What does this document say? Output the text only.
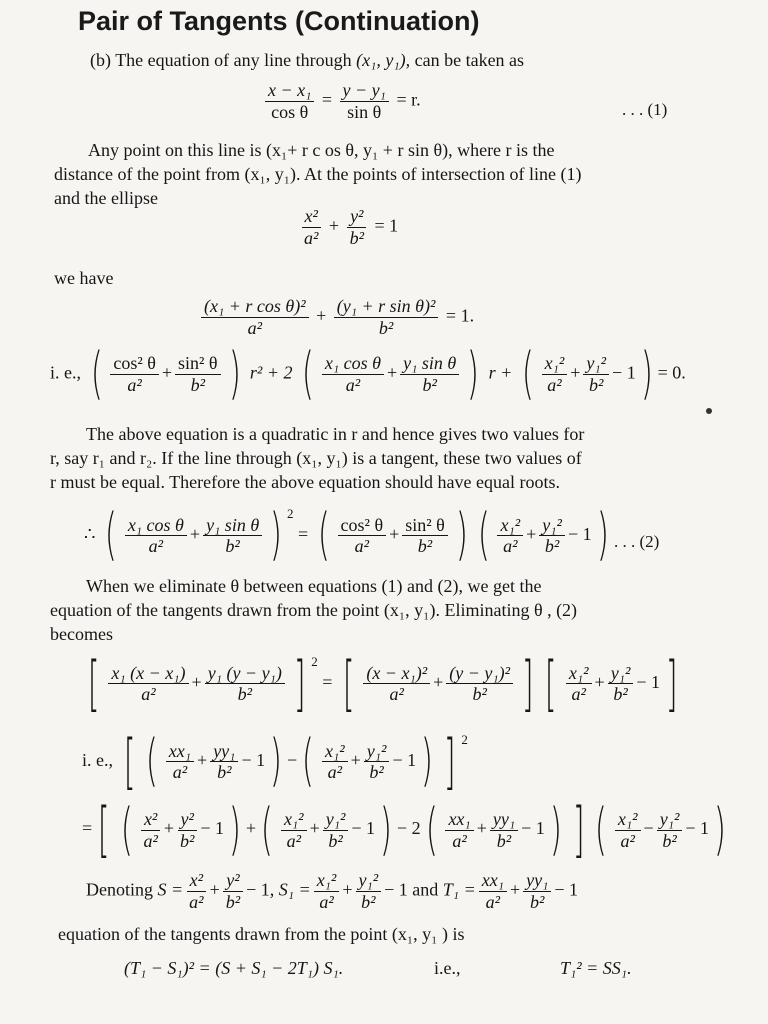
Pair of Tangents (Continuation)
(b) The equation of any line through (x₁, y₁), can be taken as
$\frac{\text{x − x₁}}{\text{cos θ}} = \frac{\text{y − y₁}}{\text{sin θ}} = r$.
. . . (1)
Any point on this line is (x₁+ r c os θ, y₁ + r sin θ), where r is the
distance of the point from (x₁, y₁). At the points of intersection of line (1)
and the ellipse
$\frac{\text{x²}}{\text{a²}} + \frac{\text{y²}}{\text{b²}} = 1$
we have
$\frac{\text{(x₁ + r cos θ)²}}{\text{a²}} + \frac{\text{(y₁ + r sin θ)²}}{\text{b²}} = 1$.
i. e., ( $\frac{\text{cos² θ}}{\text{a²}} + \frac{\text{sin² θ}}{\text{b²}}$ ) r² + 2 ( $\frac{\text{x₁ cos θ}}{\text{a²}} + \frac{\text{y₁ sin θ}}{\text{b²}}$ ) r + ( $\frac{\text{x₁²}}{\text{a²}} + \frac{\text{y₁²}}{\text{b²}} - 1) = 0$.
The above equation is a quadratic in r and hence gives two values for
r, say r₁ and r₂. If the line through (x₁, y₁) is a tangent, these two values of
r must be equal. Therefore the above equation should have equal roots.
∴ ( $\frac{\text{x₁ cos θ}}{\text{a²}} + \frac{\text{y₁ sin θ}}{\text{b²}}$ ) $^2$ = ( $\frac{\text{cos² θ}}{\text{a²}} + \frac{\text{sin² θ}}{\text{b²}}$ ) ( $\frac{\text{x₁²}}{\text{a²}} + \frac{\text{y₁²}}{\text{b²}} - 1$) . . . (2)
When we eliminate θ between equations (1) and (2), we get the
equation of the tangents drawn from the point (x₁, y₁). Eliminating θ , (2)
becomes
[ $\frac{\text{x₁ (x − x₁)}}{\text{a²}} + \frac{\text{y₁ (y − y₁)}}{\text{b²}}$ ] $^2$ = [ $\frac{\text{(x − x₁)²}}{\text{a²}} + \frac{\text{(y − y₁)²}}{\text{b²}}$ ] [ $\frac{\text{x₁²}}{\text{a²}} + \frac{\text{y₁²}}{\text{b²}} - 1$]
i. e., [ ( $\frac{\text{xx₁}}{\text{a²}} + \frac{\text{yy₁}}{\text{b²}} - 1$) −( $\frac{\text{x₁²}}{\text{a²}} + \frac{\text{y₁²}}{\text{b²}} - 1$) ] $^2$
=[ ( $\frac{\text{x²}}{\text{a²}} + \frac{\text{y²}}{\text{b²}} - 1$) +( $\frac{\text{x₁²}}{\text{a²}} + \frac{\text{y₁²}}{\text{b²}} - 1) - 2( \frac{\text{xx₁}}{\text{a²}} + \frac{\text{yy₁}}{\text{b²}} - 1)$ ] ( $\frac{\text{x₁²}}{\text{a²}} - \frac{\text{y₁²}}{\text{b²}} - 1$)
Denoting $S = \frac{\text{x²}}{\text{a²}} + \frac{\text{y²}}{\text{b²}} - 1$, $S_1 = \frac{\text{x₁²}}{\text{a²}} + \frac{\text{y₁²}}{\text{b²}} - 1$ and $T_1 = \frac{\text{xx₁}}{\text{a²}} + \frac{\text{yy₁}}{\text{b²}} - 1$
equation of the tangents drawn from the point (x₁, y₁ ) is
(T₁ − S₁)² = (S + S₁ − 2T₁) S₁.	i.e.,	T₁² = SS₁.
